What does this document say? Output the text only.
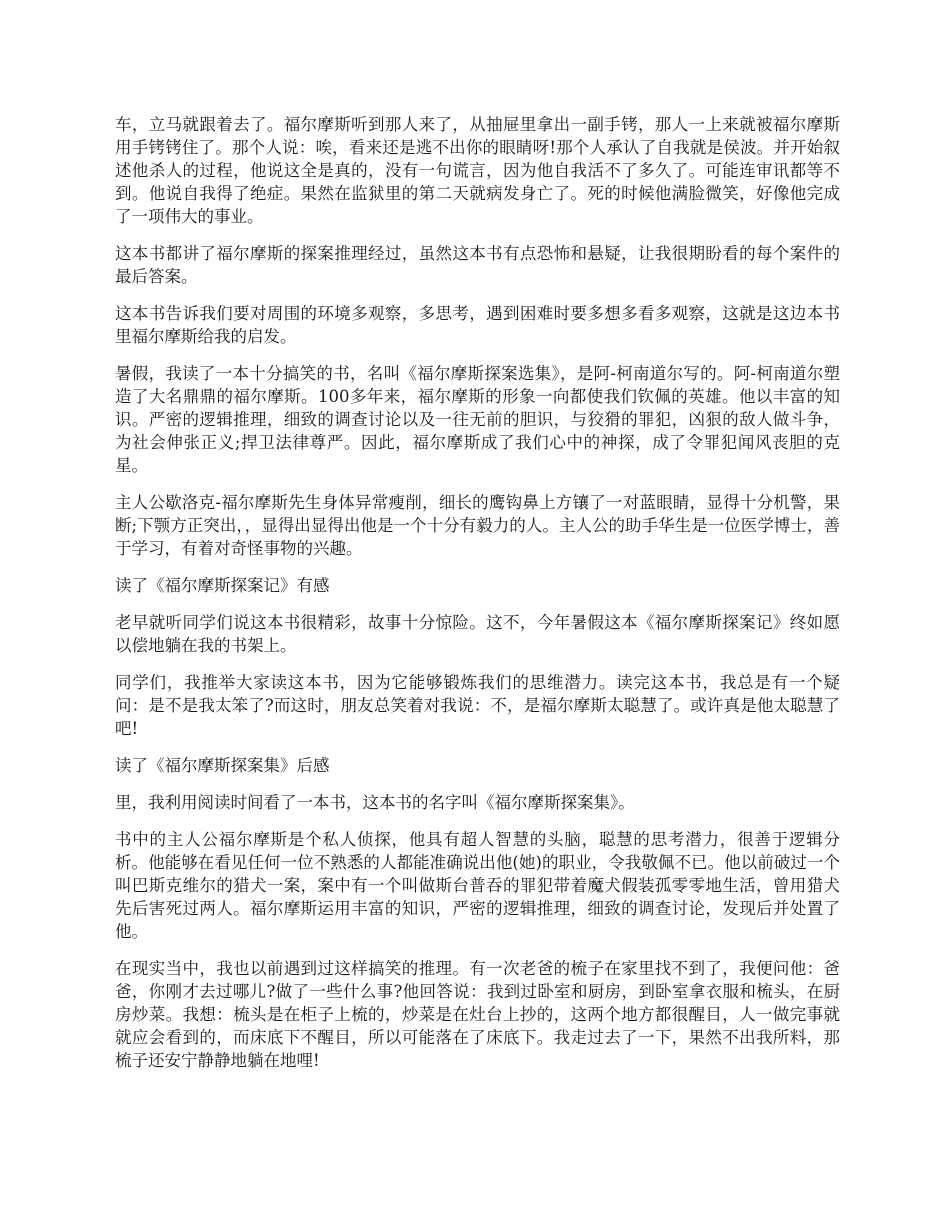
车，立马就跟着去了。福尔摩斯听到那人来了，从抽屉里拿出一副手铐，那人一上来就被福尔摩斯用手铐铐住了。那个人说：唉，看来还是逃不出你的眼睛呀!那个人承认了自我就是侯波。并开始叙述他杀人的过程，他说这全是真的，没有一句谎言，因为他自我活不了多久了。可能连审讯都等不到。他说自我得了绝症。果然在监狱里的第二天就病发身亡了。死的时候他满脸微笑，好像他完成了一项伟大的事业。

这本书都讲了福尔摩斯的探案推理经过，虽然这本书有点恐怖和悬疑，让我很期盼看的每个案件的最后答案。

这本书告诉我们要对周围的环境多观察，多思考，遇到困难时要多想多看多观察，这就是这边本书里福尔摩斯给我的启发。

暑假，我读了一本十分搞笑的书，名叫《福尔摩斯探案选集》，是阿-柯南道尔写的。阿-柯南道尔塑造了大名鼎鼎的福尔摩斯。100多年来，福尔摩斯的形象一向都使我们钦佩的英雄。他以丰富的知识。严密的逻辑推理，细致的调查讨论以及一往无前的胆识，与狡猾的罪犯，凶狠的敌人做斗争，为社会伸张正义;捍卫法律尊严。因此，福尔摩斯成了我们心中的神探，成了令罪犯闻风丧胆的克星。

主人公歇洛克-福尔摩斯先生身体异常瘦削，细长的鹰钩鼻上方镶了一对蓝眼睛，显得十分机警，果断;下颚方正突出，，显得出显得出他是一个十分有毅力的人。主人公的助手华生是一位医学博士，善于学习，有着对奇怪事物的兴趣。

读了《福尔摩斯探案记》有感

老早就听同学们说这本书很精彩，故事十分惊险。这不，今年暑假这本《福尔摩斯探案记》终如愿以偿地躺在我的书架上。

同学们，我推举大家读这本书，因为它能够锻炼我们的思维潜力。读完这本书，我总是有一个疑问：是不是我太笨了?而这时，朋友总笑着对我说：不，是福尔摩斯太聪慧了。或许真是他太聪慧了吧!

读了《福尔摩斯探案集》后感

里，我利用阅读时间看了一本书，这本书的名字叫《福尔摩斯探案集》。

书中的主人公福尔摩斯是个私人侦探，他具有超人智慧的头脑，聪慧的思考潜力，很善于逻辑分析。他能够在看见任何一位不熟悉的人都能准确说出他(她)的职业，令我敬佩不已。他以前破过一个叫巴斯克维尔的猎犬一案，案中有一个叫做斯台普吞的罪犯带着魔犬假装孤零零地生活，曾用猎犬先后害死过两人。福尔摩斯运用丰富的知识，严密的逻辑推理，细致的调查讨论，发现后并处置了他。

在现实当中，我也以前遇到过这样搞笑的推理。有一次老爸的梳子在家里找不到了，我便问他：爸爸，你刚才去过哪儿?做了一些什么事?他回答说：我到过卧室和厨房，到卧室拿衣服和梳头，在厨房炒菜。我想：梳头是在柜子上梳的，炒菜是在灶台上抄的，这两个地方都很醒目，人一做完事就就应会看到的，而床底下不醒目，所以可能落在了床底下。我走过去了一下，果然不出我所料，那梳子还安宁静静地躺在地哩!
